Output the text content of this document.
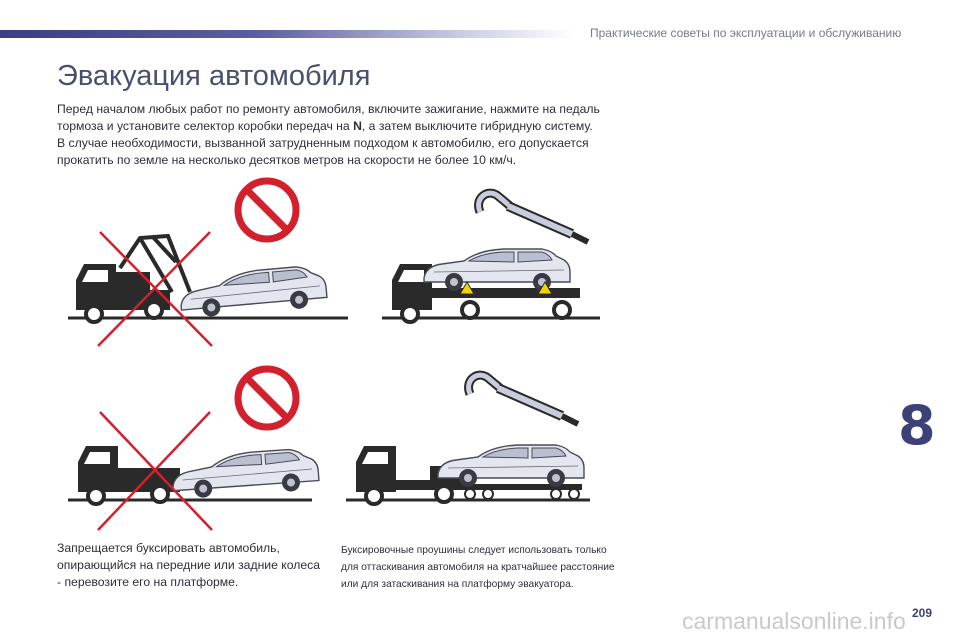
Практические советы по эксплуатации и обслуживанию
Эвакуация автомобиля
Перед началом любых работ по ремонту автомобиля, включите зажигание, нажмите на педаль тормоза и установите селектор коробки передач на N, а затем выключите гибридную систему.
В случае необходимости, вызванной затрудненным подходом к автомобилю, его допускается прокатить по земле на несколько десятков метров на скорости не более 10 км/ч.
Запрещается буксировать автомобиль, опирающийся на передние или задние колеса - перевозите его на платформе.
Буксировочные проушины следует использовать только для оттаскивания автомобиля на кратчайшее расстояние или для затаскивания на платформу эвакуатора.
8
209
carmanualsonline.info
